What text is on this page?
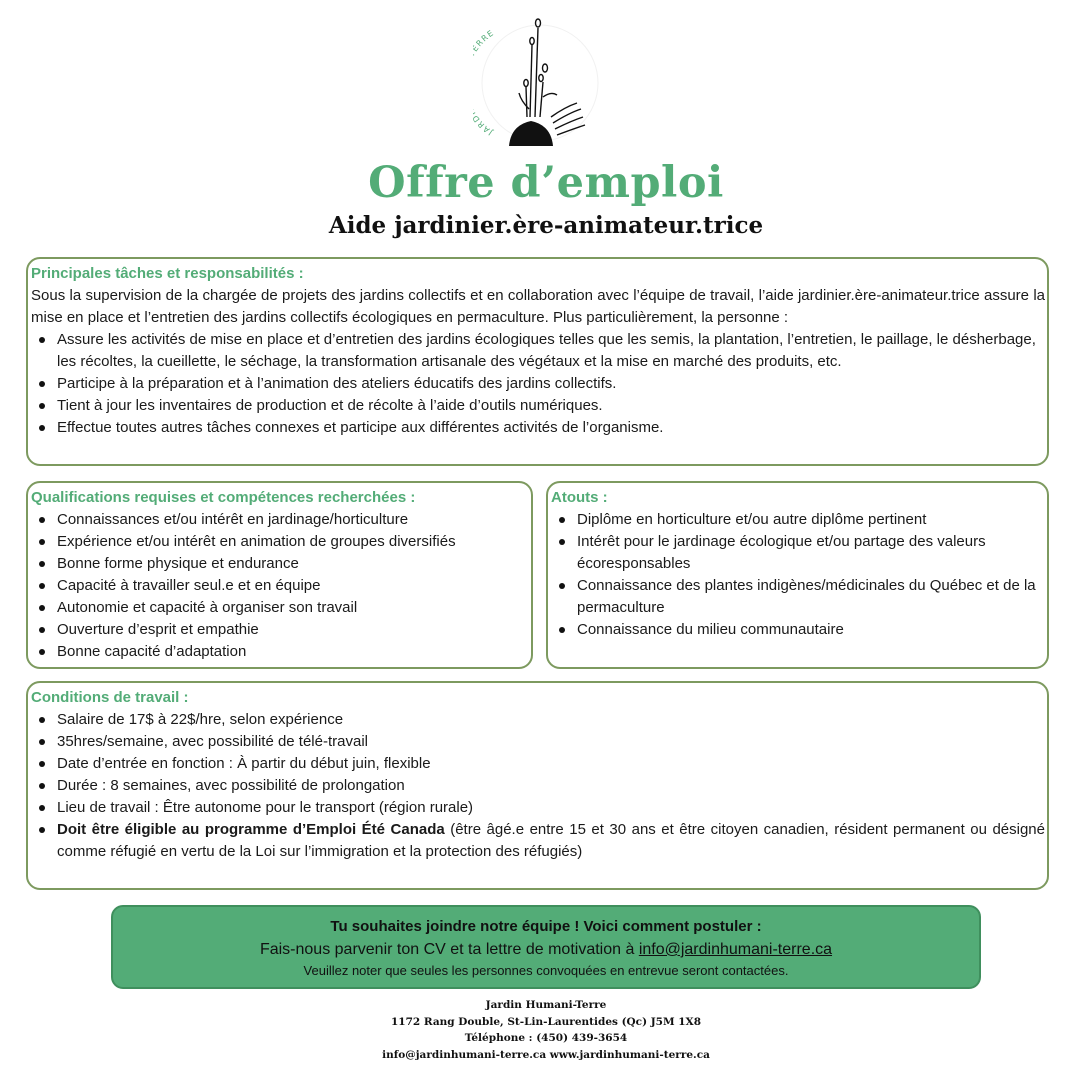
JAR RRE
Offre d’emploi
Aide jardinier.ère-animateur.trice
Principales tâches et responsabilités :

Sous la supervision de la chargée de projets des jardins collectifs et en collaboration avec l’équipe de travail, l’aide jardinier.ère-animateur.trice assure la mise en place et l’entretien des jardins collectifs écologiques en permaculture. Plus particulièrement, la personne :

Assure les activités de mise en place et d’entretien des jardins écologiques telles que les semis, la plantation, l’entretien, le paillage, le désherbage, les récoltes, la cueillette, le séchage, la transformation artisanale des végétaux et la mise en marché des produits, etc.
Participe à la préparation et à l’animation des ateliers éducatifs des jardins collectifs.
Tient à jour les inventaires de production et de récolte à l’aide d’outils numériques.
Effectue toutes autres tâches connexes et participe aux différentes activités de l’organisme.
Qualifications requises et compétences recherchées :
Connaissances et/ou intérêt en jardinage/horticulture
Expérience et/ou intérêt en animation de groupes diversifiés
Bonne forme physique et endurance
Capacité à travailler seul.e et en équipe
Autonomie et capacité à organiser son travail
Ouverture d’esprit et empathie
Bonne capacité d’adaptation
Atouts :
Diplôme en horticulture et/ou autre diplôme pertinent
Intérêt pour le jardinage écologique et/ou partage des valeurs écoresponsables
Connaissance des plantes indigènes/médicinales du Québec et de la permaculture
Connaissance du milieu communautaire
Conditions de travail :
Salaire de 17$ à 22$/hre, selon expérience
35hres/semaine, avec possibilité de télé-travail
Date d’entrée en fonction : À partir du début juin, flexible
Durée : 8 semaines, avec possibilité de prolongation
Lieu de travail : Être autonome pour le transport (région rurale)
Doit être éligible au programme d’Emploi Été Canada (être âgé.e entre 15 et 30 ans et être citoyen canadien, résident permanent ou désigné comme réfugié en vertu de la Loi sur l’immigration et la protection des réfugiés)
Tu souhaites joindre notre équipe ! Voici comment postuler :
Fais-nous parvenir ton CV et ta lettre de motivation à info@jardinhumani-terre.ca
Veuillez noter que seules les personnes convoquées en entrevue seront contactées.
Jardin Humani-Terre
1172 Rang Double, St-Lin-Laurentides (Qc) J5M 1X8
Téléphone : (450) 439-3654
info@jardinhumani-terre.ca www.jardinhumani-terre.ca
